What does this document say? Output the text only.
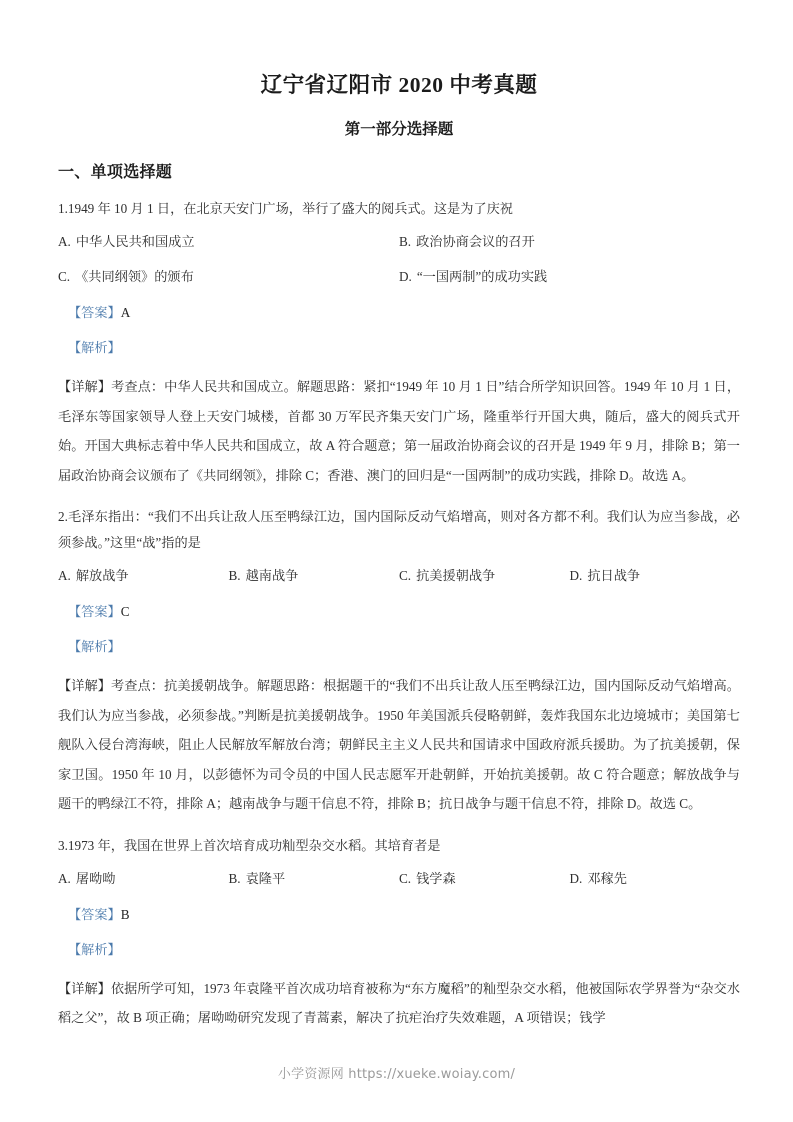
辽宁省辽阳市 2020 中考真题
第一部分选择题
一、单项选择题

1.1949 年 10 月 1 日，在北京天安门广场，举行了盛大的阅兵式。这是为了庆祝

A. 中华人民共和国成立	B. 政治协商会议的召开
C. 《共同纲领》的颁布	D. “一国两制”的成功实践
【答案】A
【解析】

【详解】考查点：中华人民共和国成立。解题思路：紧扣“1949 年 10 月 1 日”结合所学知识回答。1949 年 10 月 1 日，毛泽东等国家领导人登上天安门城楼，首都 30 万军民齐集天安门广场，隆重举行开国大典，随后，盛大的阅兵式开始。开国大典标志着中华人民共和国成立，故 A 符合题意；第一届政治协商会议的召开是 1949 年 9 月，排除 B；第一届政治协商会议颁布了《共同纲领》，排除 C；香港、澳门的回归是“一国两制”的成功实践，排除 D。故选 A。

2.毛泽东指出：“我们不出兵让敌人压至鸭绿江边，国内国际反动气焰增高，则对各方都不利。我们认为应当参战，必须参战。”这里“战”指的是

A. 解放战争	B. 越南战争	C. 抗美援朝战争	D. 抗日战争
【答案】C
【解析】

【详解】考查点：抗美援朝战争。解题思路：根据题干的“我们不出兵让敌人压至鸭绿江边，国内国际反动气焰增高。我们认为应当参战，必须参战。”判断是抗美援朝战争。1950 年美国派兵侵略朝鲜，轰炸我国东北边境城市；美国第七舰队入侵台湾海峡，阻止人民解放军解放台湾；朝鲜民主主义人民共和国请求中国政府派兵援助。为了抗美援朝，保家卫国。1950 年 10 月，以彭德怀为司令员的中国人民志愿军开赴朝鲜，开始抗美援朝。故 C 符合题意；解放战争与题干的鸭绿江不符，排除 A；越南战争与题干信息不符，排除 B；抗日战争与题干信息不符，排除 D。故选 C。

3.1973 年，我国在世界上首次培育成功籼型杂交水稻。其培育者是

A. 屠呦呦	B. 袁隆平	C. 钱学森	D. 邓稼先
【答案】B
【解析】

【详解】依据所学可知，1973 年袁隆平首次成功培育被称为“东方魔稻”的籼型杂交水稻，他被国际农学界誉为“杂交水稻之父”，故 B 项正确；屠呦呦研究发现了青蒿素，解决了抗疟治疗失效难题，A 项错误；钱学

小学资源网 https://xueke.woiay.com/
